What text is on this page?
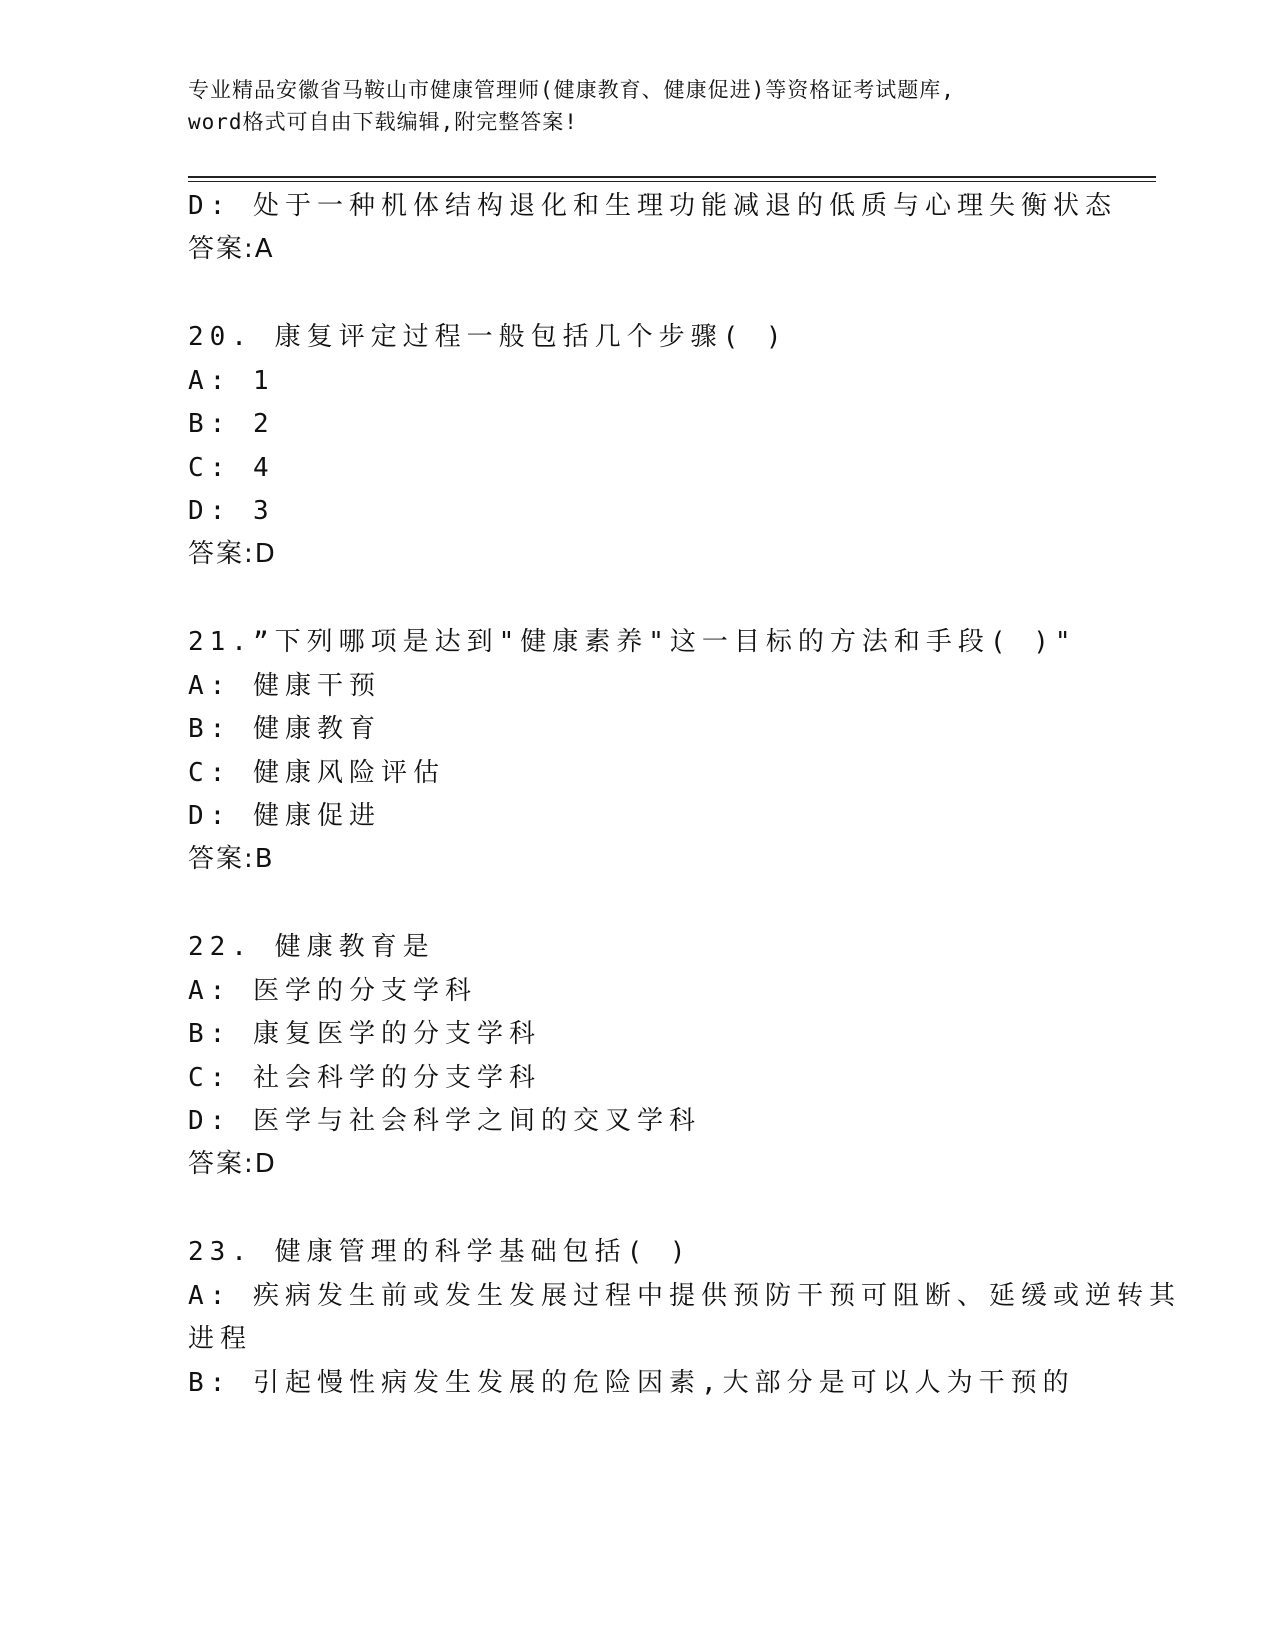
专业精品安徽省马鞍山市健康管理师(健康教育、健康促进)等资格证考试题库,
word格式可自由下载编辑,附完整答案!
D: 处于一种机体结构退化和生理功能减退的低质与心理失衡状态
答案:A
20. 康复评定过程一般包括几个步骤( )
A: 1
B: 2
C: 4
D: 3
答案:D
21.”下列哪项是达到"健康素养"这一目标的方法和手段( )"
A: 健康干预
B: 健康教育
C: 健康风险评估
D: 健康促进
答案:B
22. 健康教育是
A: 医学的分支学科
B: 康复医学的分支学科
C: 社会科学的分支学科
D: 医学与社会科学之间的交叉学科
答案:D
23. 健康管理的科学基础包括( )
A: 疾病发生前或发生发展过程中提供预防干预可阻断、延缓或逆转其
进程
B: 引起慢性病发生发展的危险因素,大部分是可以人为干预的
